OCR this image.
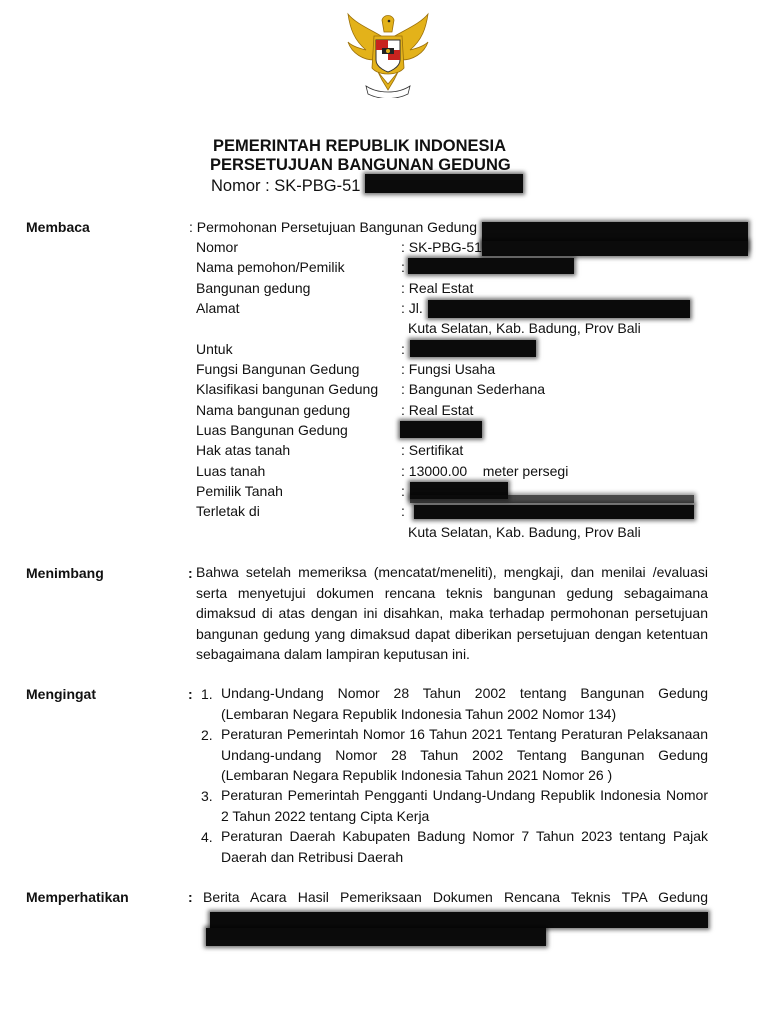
PEMERINTAH REPUBLIK INDONESIA
PERSETUJUAN BANGUNAN GEDUNG
Nomor : SK-PBG-51
Membaca	: Permohonan Persetujuan Bangunan Gedung
Nomor	: SK-PBG-51
Nama pemohon/Pemilik	:
Bangunan gedung	: Real Estat
Alamat	: Jl.
Kuta Selatan, Kab. Badung, Prov Bali
Untuk	:
Fungsi Bangunan Gedung	: Fungsi Usaha
Klasifikasi bangunan Gedung : Bangunan Sederhana
Nama bangunan gedung	: Real Estat
Luas Bangunan Gedung
Hak atas tanah	: Sertifikat
Luas tanah	: 13000.00    meter persegi
Pemilik Tanah	:
Terletak di	:
Kuta Selatan, Kab. Badung, Prov Bali
Menimbang	: Bahwa setelah memeriksa (mencatat/meneliti), mengkaji, dan menilai /evaluasi serta menyetujui dokumen rencana teknis bangunan gedung sebagaimana dimaksud di atas dengan ini disahkan, maka terhadap permohonan persetujuan bangunan gedung yang dimaksud dapat diberikan persetujuan dengan ketentuan sebagaimana dalam lampiran keputusan ini.
Mengingat	: 1. Undang-Undang Nomor 28 Tahun 2002 tentang Bangunan Gedung (Lembaran Negara Republik Indonesia Tahun 2002 Nomor 134)
2. Peraturan Pemerintah Nomor 16 Tahun 2021 Tentang Peraturan Pelaksanaan Undang-undang Nomor 28 Tahun 2002 Tentang Bangunan Gedung (Lembaran Negara Republik Indonesia Tahun 2021 Nomor 26 )
3. Peraturan Pemerintah Pengganti Undang-Undang Republik Indonesia Nomor 2 Tahun 2022 tentang Cipta Kerja
4. Peraturan Daerah Kabupaten Badung Nomor 7 Tahun 2023 tentang Pajak Daerah dan Retribusi Daerah
Memperhatikan	: Berita Acara Hasil Pemeriksaan Dokumen Rencana Teknis TPA Gedung
